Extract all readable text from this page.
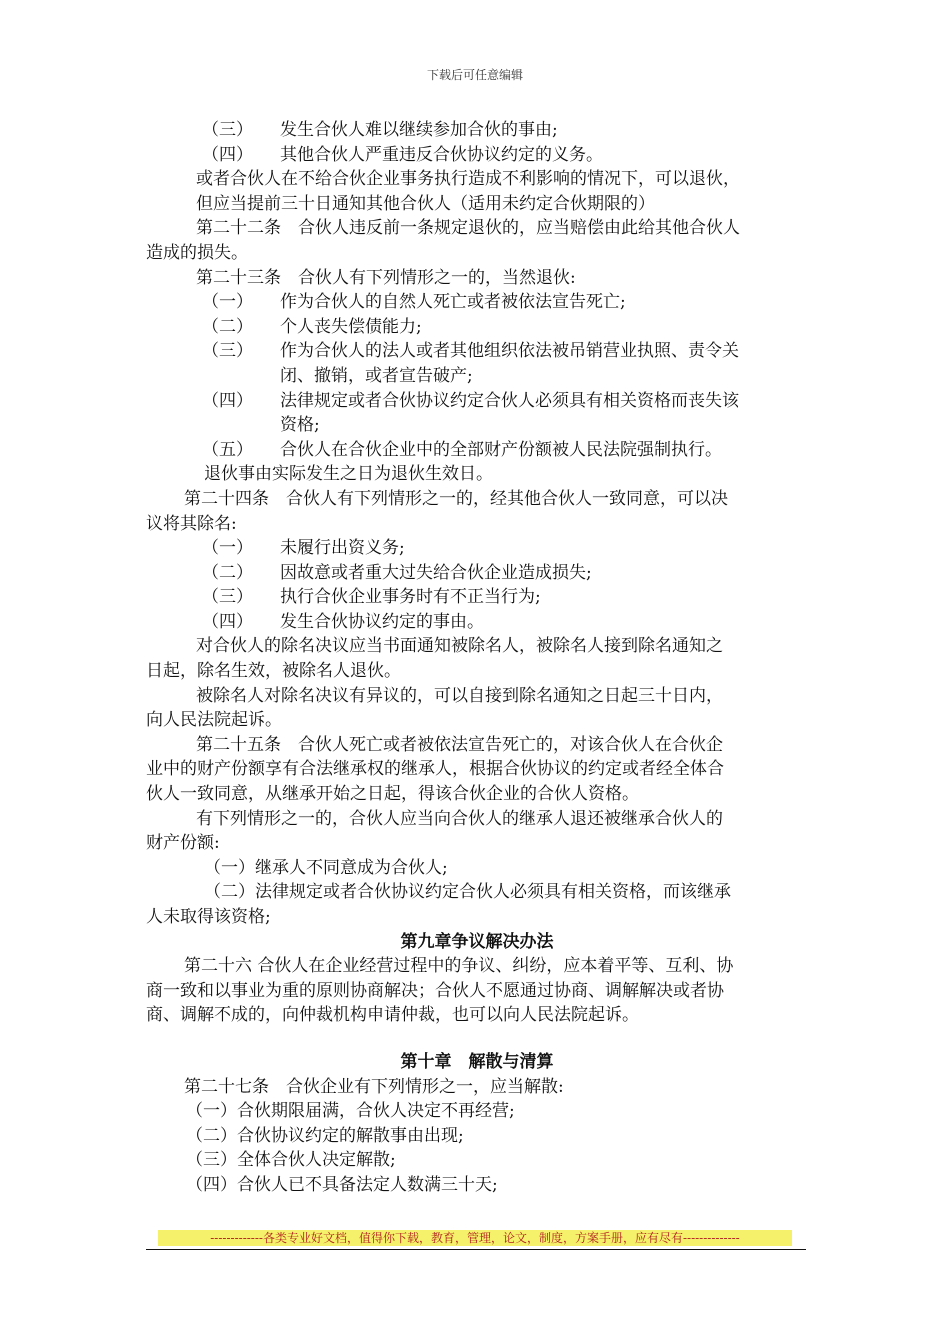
下载后可任意编辑
（三）	发生合伙人难以继续参加合伙的事由;
（四）	其他合伙人严重违反合伙协议约定的义务。
或者合伙人在不给合伙企业事务执行造成不利影响的情况下，可以退伙，
但应当提前三十日通知其他合伙人（适用未约定合伙期限的）
第二十二条　合伙人违反前一条规定退伙的，应当赔偿由此给其他合伙人
造成的损失。
第二十三条　合伙人有下列情形之一的，当然退伙:
（一）	作为合伙人的自然人死亡或者被依法宣告死亡;
（二）	个人丧失偿债能力;
（三）	作为合伙人的法人或者其他组织依法被吊销营业执照、责令关
闭、撤销，或者宣告破产;
（四）	法律规定或者合伙协议约定合伙人必须具有相关资格而丧失该
资格;
（五）	合伙人在合伙企业中的全部财产份额被人民法院强制执行。
退伙事由实际发生之日为退伙生效日。
第二十四条　合伙人有下列情形之一的，经其他合伙人一致同意，可以决
议将其除名:
（一）	未履行出资义务;
（二）	因故意或者重大过失给合伙企业造成损失;
（三）	执行合伙企业事务时有不正当行为;
（四）	发生合伙协议约定的事由。
对合伙人的除名决议应当书面通知被除名人，被除名人接到除名通知之
日起，除名生效，被除名人退伙。
被除名人对除名决议有异议的，可以自接到除名通知之日起三十日内，
向人民法院起诉。
第二十五条　合伙人死亡或者被依法宣告死亡的，对该合伙人在合伙企
业中的财产份额享有合法继承权的继承人，根据合伙协议的约定或者经全体合
伙人一致同意，从继承开始之日起，得该合伙企业的合伙人资格。
有下列情形之一的，合伙人应当向合伙人的继承人退还被继承合伙人的
财产份额:
（一）继承人不同意成为合伙人;
（二）法律规定或者合伙协议约定合伙人必须具有相关资格，而该继承
人未取得该资格;
第九章争议解决办法
第二十六 合伙人在企业经营过程中的争议、纠纷，应本着平等、互利、协
商一致和以事业为重的原则协商解决；合伙人不愿通过协商、调解解决或者协
商、调解不成的，向仲裁机构申请仲裁，也可以向人民法院起诉。
第十章　解散与清算
第二十七条　合伙企业有下列情形之一，应当解散:
（一）合伙期限届满，合伙人决定不再经营;
（二）合伙协议约定的解散事由出现;
（三）全体合伙人决定解散;
（四）合伙人已不具备法定人数满三十天;
-------------各类专业好文档，值得你下载，教育，管理，论文，制度，方案手册，应有尽有--------------
